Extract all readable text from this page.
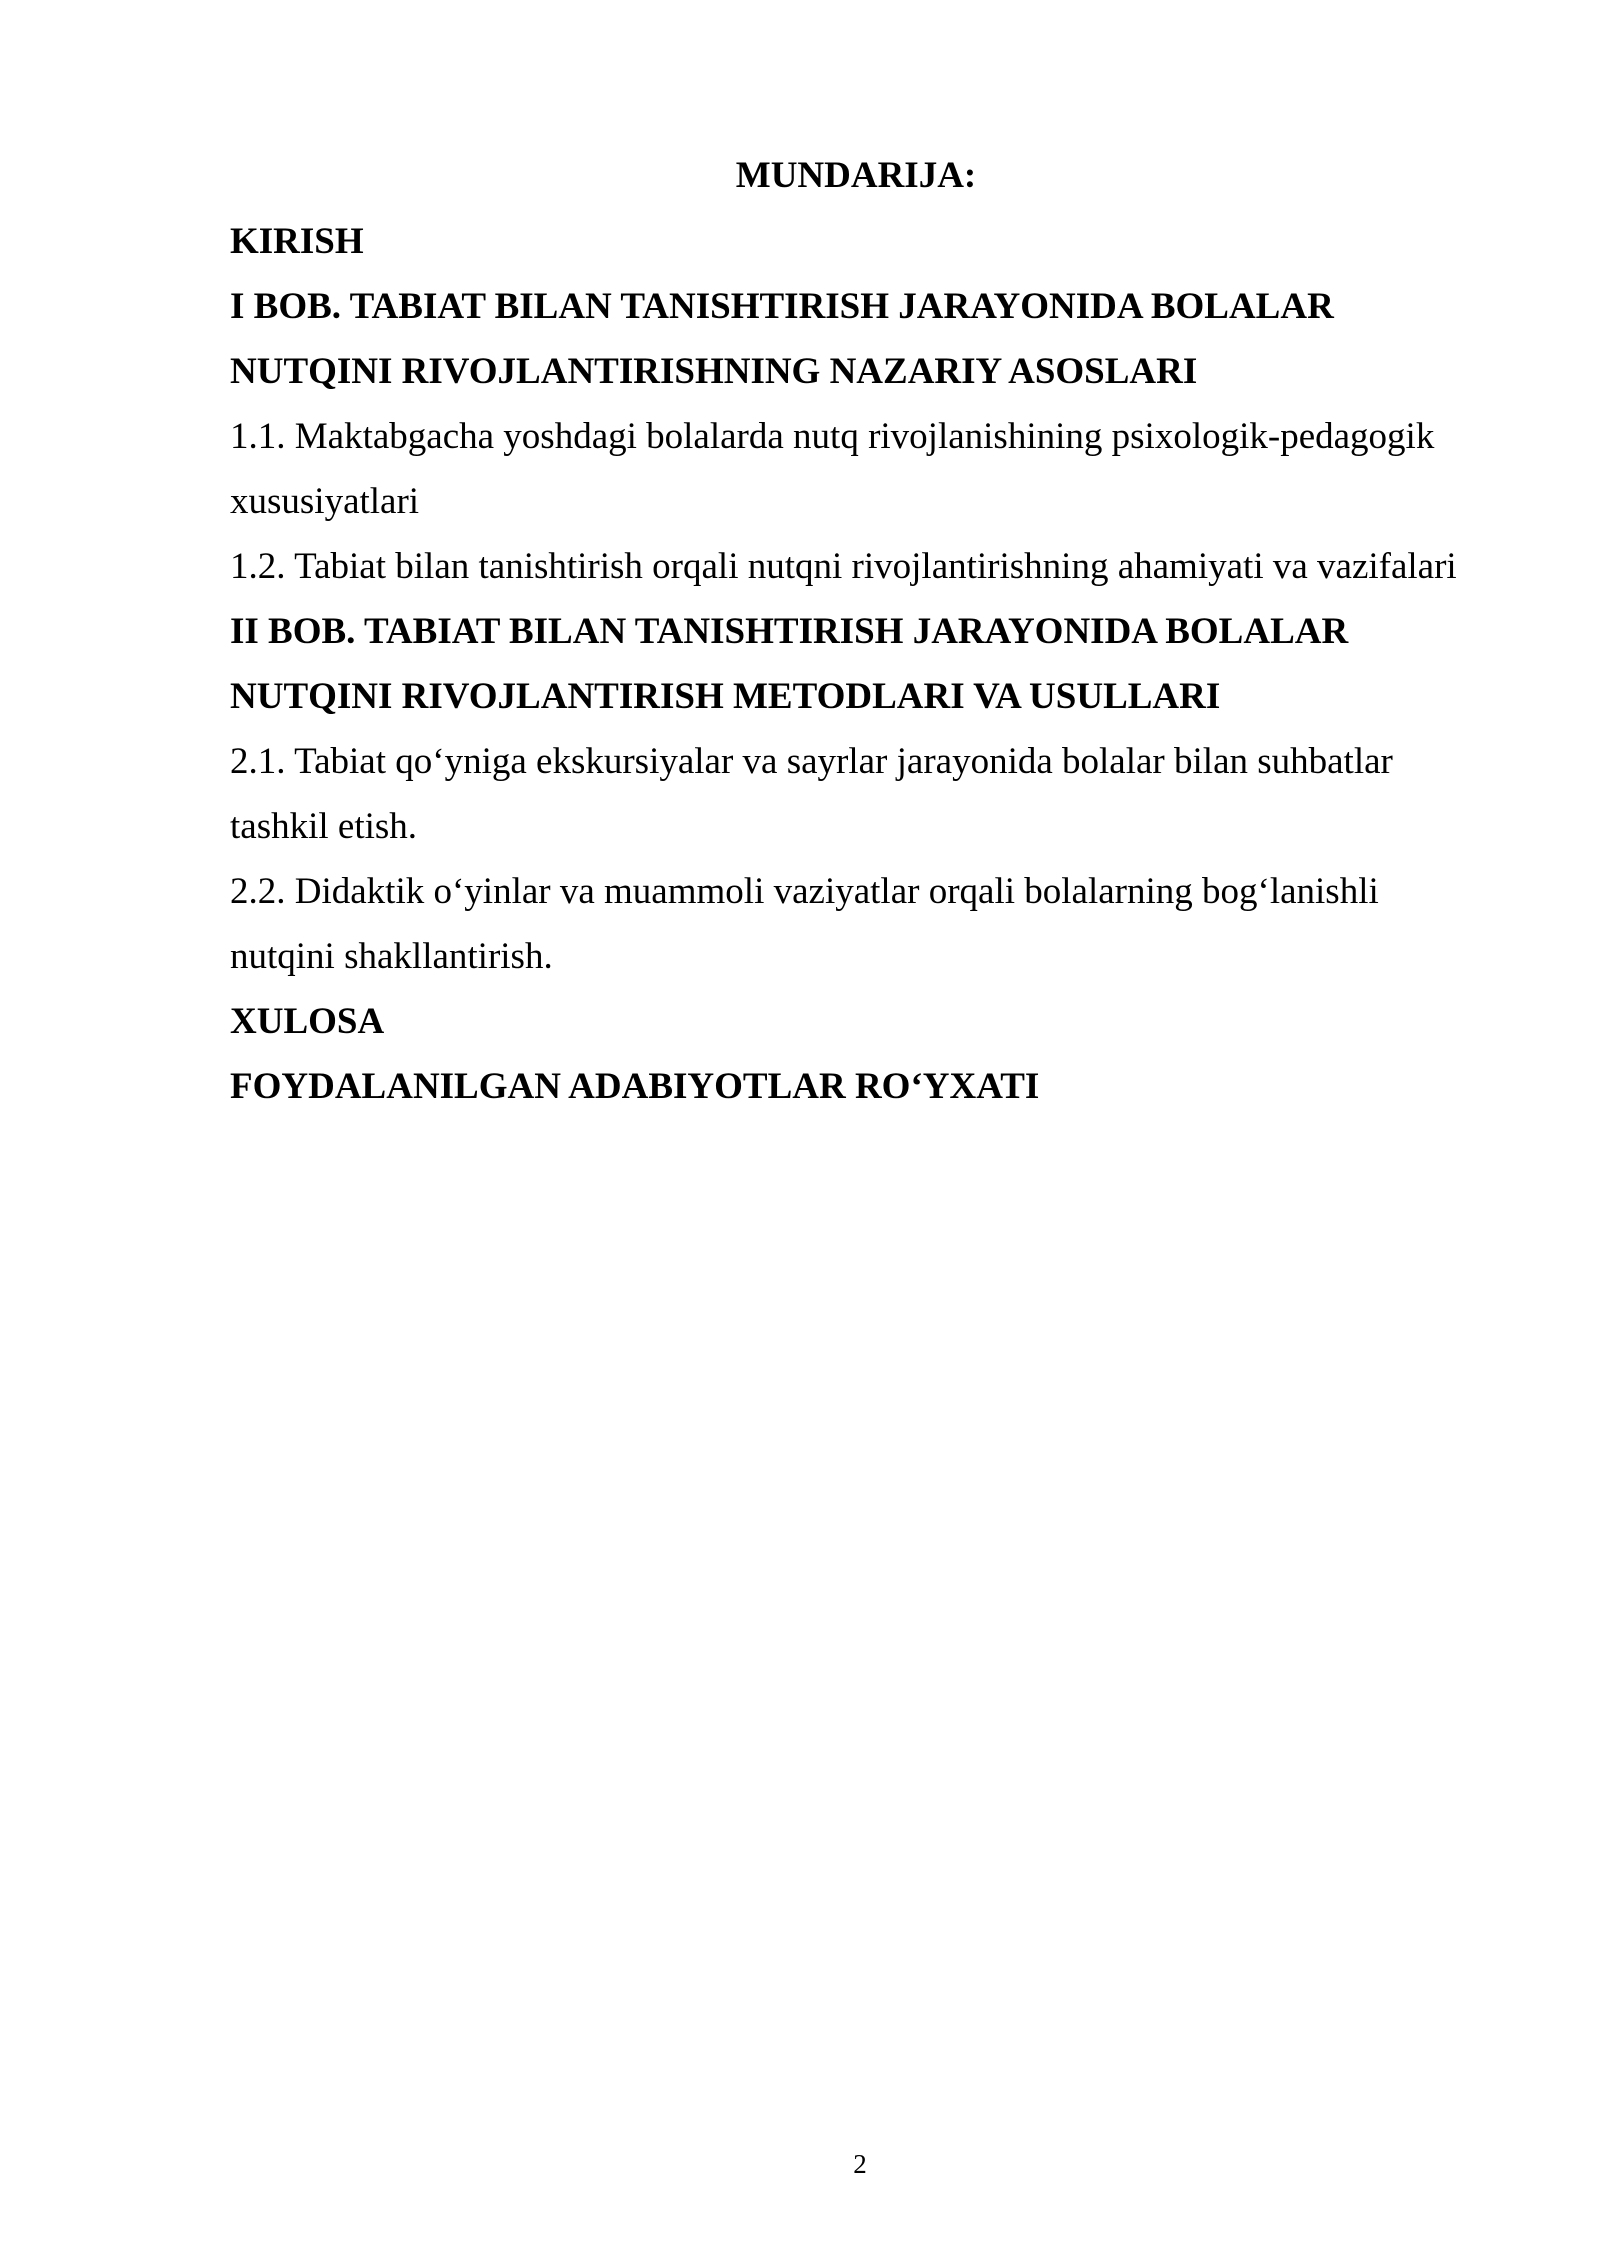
MUNDARIJA:
KIRISH
I BOB. TABIAT BILAN TANISHTIRISH JARAYONIDA BOLALAR
NUTQINI RIVOJLANTIRISHNING NAZARIY ASOSLARI
1.1. Maktabgacha yoshdagi bolalarda nutq rivojlanishining psixologik-pedagogik
xususiyatlari
1.2. Tabiat bilan tanishtirish orqali nutqni rivojlantirishning ahamiyati va vazifalari
II BOB. TABIAT BILAN TANISHTIRISH JARAYONIDA BOLALAR
NUTQINI RIVOJLANTIRISH METODLARI VA USULLARI
2.1. Tabiat qo‘yniga ekskursiyalar va sayrlar jarayonida bolalar bilan suhbatlar
tashkil etish.
2.2. Didaktik o‘yinlar va muammoli vaziyatlar orqali bolalarning bog‘lanishli
nutqini shakllantirish.
XULOSA
FOYDALANILGAN ADABIYOTLAR RO‘YXATI
2
